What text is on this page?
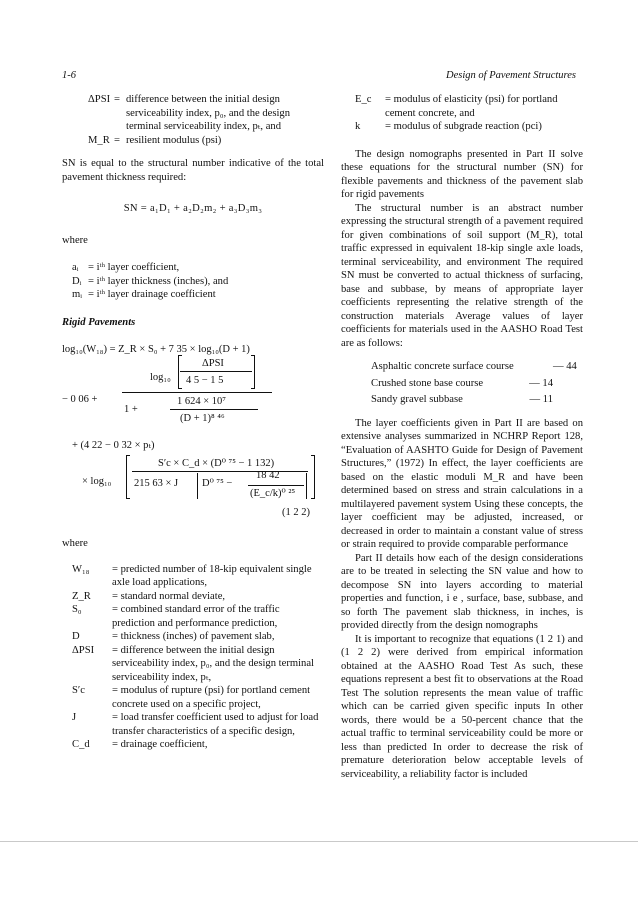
1-6	Design of Pavement Structures
ΔPSI = difference between the initial design serviceability index, p₀, and the design terminal serviceability index, pₜ, and
M_R = resilient modulus (psi)

SN is equal to the structural number indicative of the total pavement thickness required:

SN = a₁D₁ + a₂D₂m₂ + a₃D₃m₃
where
aᵢ = iᵗʰ layer coefficient,
Dᵢ = iᵗʰ layer thickness (inches), and
mᵢ = iᵗʰ layer drainage coefficient
Rigid Pavements
log₁₀(W₁₈) = Z_R × S₀ + 7 35 × log₁₀(D + 1)
− 0 06 +
log₁₀
ΔPSI
4 5 − 1 5
1 +
1 624 × 10⁷
(D + 1)⁸ ⁴⁶
+ (4 22 − 0 32 × pₜ)
× log₁₀
S′c × C_d × (D⁰ ⁷⁵ − 1 132)
215 63 × J D⁰ ⁷⁵ −
18 42
(E_c/k)⁰ ²⁵
(1 2 2)
where
W₁₈	= predicted number of 18-kip equivalent single axle load applications,
Z_R	= standard normal deviate,
S₀	= combined standard error of the traffic prediction and performance prediction,
D	= thickness (inches) of pavement slab,
ΔPSI	= difference between the initial design serviceability index, p₀, and the design terminal serviceability index, pₜ,
S′c	= modulus of rupture (psi) for portland cement concrete used on a specific project,
J	= load transfer coefficient used to adjust for load transfer characteristics of a specific design,
C_d	= drainage coefficient,
E_c	= modulus of elasticity (psi) for portland cement concrete, and
k	= modulus of subgrade reaction (pci)

The design nomographs presented in Part II solve these equations for the structural number (SN) for flexible pavements and thickness of the pavement slab for rigid pavements

The structural number is an abstract number expressing the structural strength of a pavement required for given combinations of soil support (M_R), total traffic expressed in equivalent 18-kip single axle loads, terminal serviceability, and environment The required SN must be converted to actual thickness of surfacing, base and subbase, by means of appropriate layer coefficients representing the relative strength of the construction materials Average values of layer coefficients for materials used in the AASHO Road Test are as follows:

Asphaltic concrete surface course	— 44
Crushed stone base course	— 14
Sandy gravel subbase	— 11

The layer coefficients given in Part II are based on extensive analyses summarized in NCHRP Report 128, “Evaluation of AASHTO Guide for Design of Pavement Structures,” (1972) In effect, the layer coefficients are based on the elastic moduli M_R and have been determined based on stress and strain calculations in a multilayered pavement system Using these concepts, the layer coefficient may be adjusted, increased, or decreased in order to maintain a constant value of stress or strain required to provide comparable performance

Part II details how each of the design considerations are to be treated in selecting the SN value and how to decompose SN into layers according to material properties and function, i e , surface, base, subbase, and so forth The pavement slab thickness, in inches, is provided directly from the design nomographs

It is important to recognize that equations (1 2 1) and (1 2 2) were derived from empirical information obtained at the AASHO Road Test As such, these equations represent a best fit to observations at the Road Test The solution represents the mean value of traffic which can be carried given specific inputs In other words, there would be a 50-percent chance that the actual traffic to terminal serviceability could be more or less than predicted In order to decrease the risk of premature deterioration below acceptable levels of serviceability, a reliability factor is included
